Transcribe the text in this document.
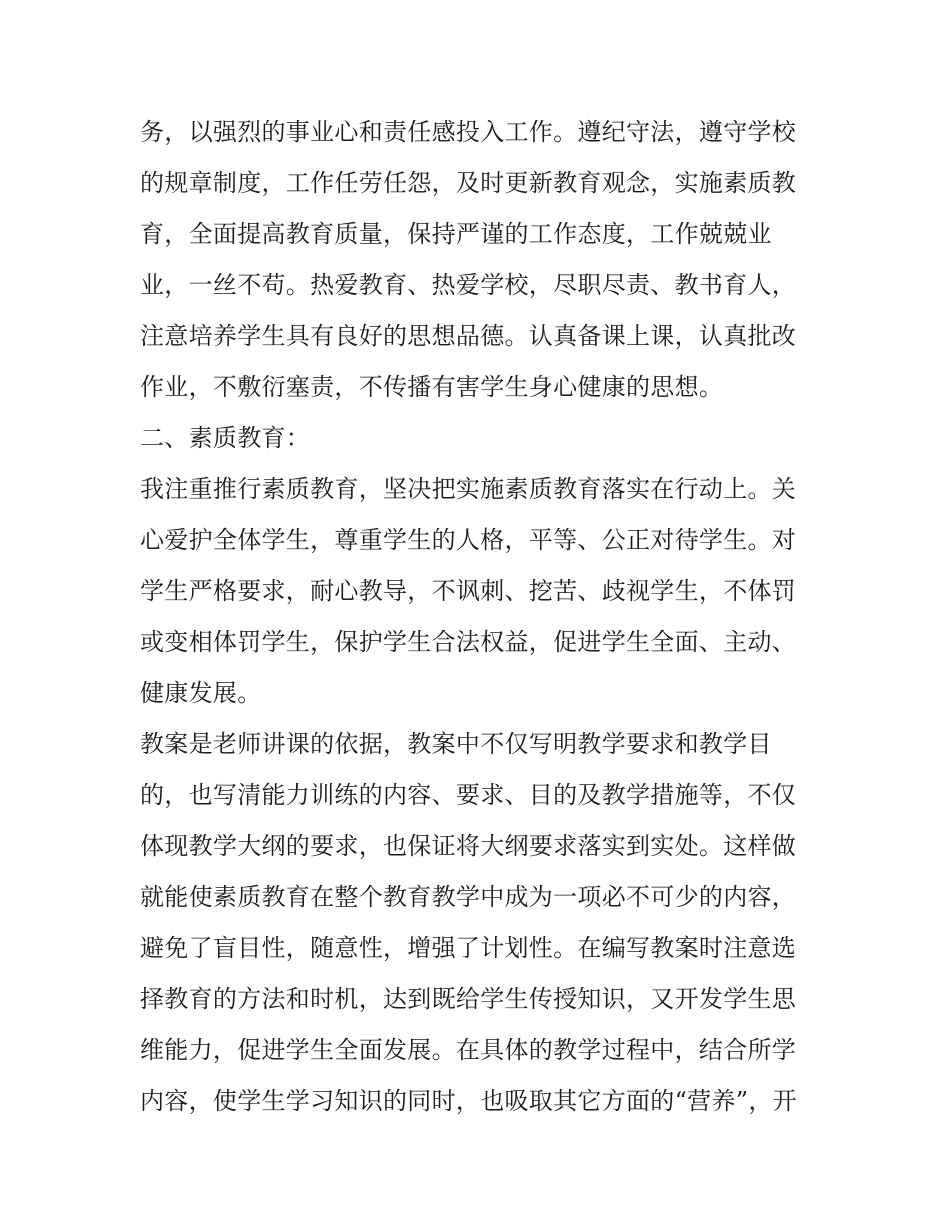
务，以强烈的事业心和责任感投入工作。遵纪守法，遵守学校
的规章制度，工作任劳任怨，及时更新教育观念，实施素质教
育，全面提高教育质量，保持严谨的工作态度，工作兢兢业
业，一丝不苟。热爱教育、热爱学校，尽职尽责、教书育人，
注意培养学生具有良好的思想品德。认真备课上课，认真批改
作业，不敷衍塞责，不传播有害学生身心健康的思想。
二、素质教育：
我注重推行素质教育，坚决把实施素质教育落实在行动上。关
心爱护全体学生，尊重学生的人格，平等、公正对待学生。对
学生严格要求，耐心教导，不讽刺、挖苦、歧视学生，不体罚
或变相体罚学生，保护学生合法权益，促进学生全面、主动、
健康发展。
教案是老师讲课的依据，教案中不仅写明教学要求和教学目
的，也写清能力训练的内容、要求、目的及教学措施等，不仅
体现教学大纲的要求，也保证将大纲要求落实到实处。这样做
就能使素质教育在整个教育教学中成为一项必不可少的内容，
避免了盲目性，随意性，增强了计划性。在编写教案时注意选
择教育的方法和时机，达到既给学生传授知识，又开发学生思
维能力，促进学生全面发展。在具体的教学过程中，结合所学
内容，使学生学习知识的同时，也吸取其它方面的“营养”，开
